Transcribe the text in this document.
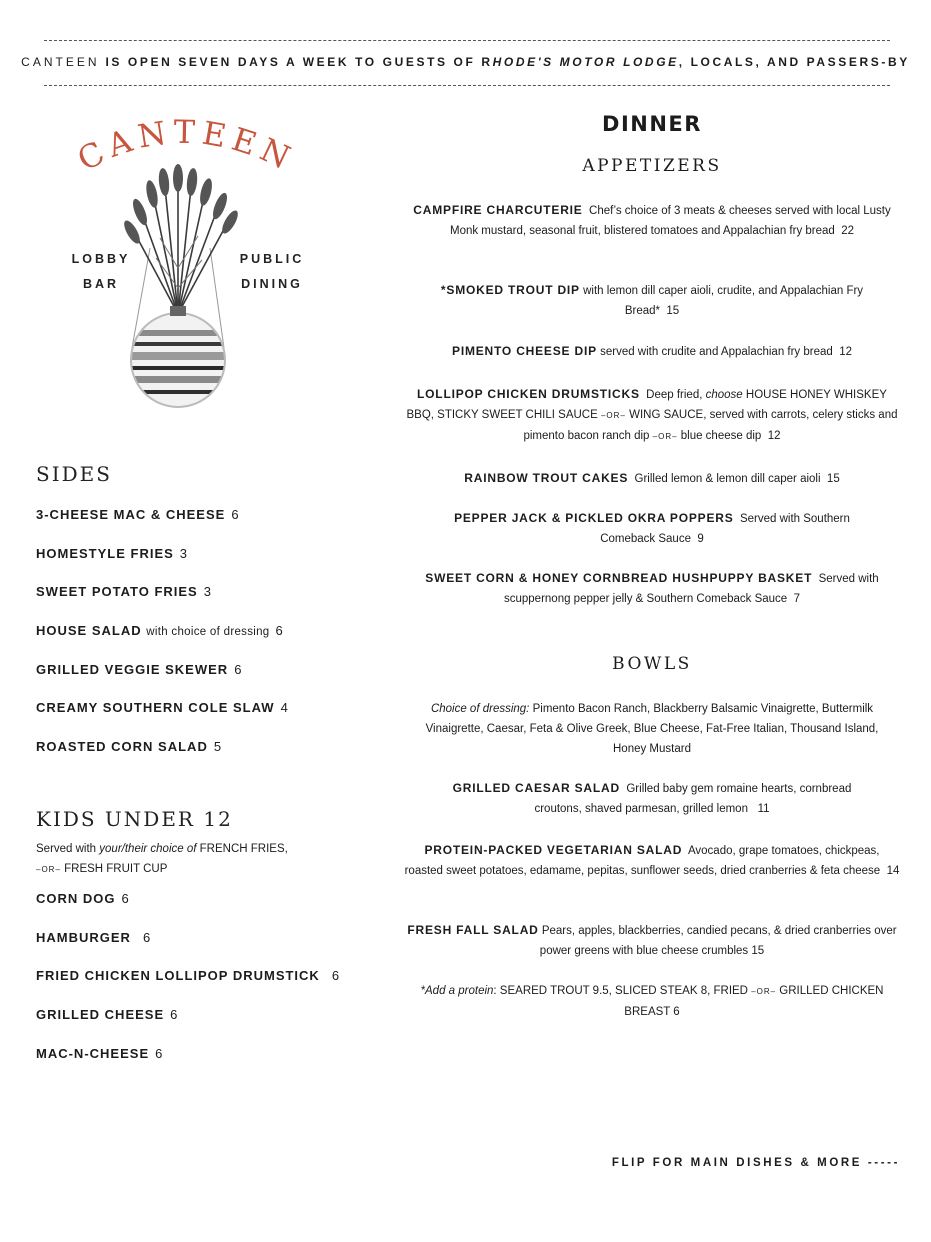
CANTEEN IS OPEN SEVEN DAYS A WEEK TO GUESTS OF RHODE'S MOTOR LODGE, LOCALS, AND PASSERS-BY
CANTEEN
LOBBY
BAR
PUBLIC
DINING
SIDES
3-CHEESE MAC & CHEESE 6
HOMESTYLE FRIES 3
SWEET POTATO FRIES 3
HOUSE SALAD with choice of dressing 6
GRILLED VEGGIE SKEWER 6
CREAMY SOUTHERN COLE SLAW 4
ROASTED CORN SALAD 5
KIDS UNDER 12
Served with your/their choice of FRENCH FRIES,
–OR– FRESH FRUIT CUP
CORN DOG 6
HAMBURGER 6
FRIED CHICKEN LOLLIPOP DRUMSTICK 6
GRILLED CHEESE 6
MAC-N-CHEESE 6
DINNER
APPETIZERS
CAMPFIRE CHARCUTERIE Chef’s choice of 3 meats & cheeses served with local Lusty Monk mustard, seasonal fruit, blistered tomatoes and Appalachian fry bread 22
*SMOKED TROUT DIP with lemon dill caper aioli, crudite, and Appalachian Fry Bread* 15
PIMENTO CHEESE DIP served with crudite and Appalachian fry bread 12
LOLLIPOP CHICKEN DRUMSTICKS Deep fried, choose HOUSE HONEY WHISKEY BBQ, STICKY SWEET CHILI SAUCE –OR– WING SAUCE, served with carrots, celery sticks and pimento bacon ranch dip –OR– blue cheese dip 12
RAINBOW TROUT CAKES Grilled lemon & lemon dill caper aioli 15
PEPPER JACK & PICKLED OKRA POPPERS Served with Southern Comeback Sauce 9
SWEET CORN & HONEY CORNBREAD HUSHPUPPY BASKET Served with scuppernong pepper jelly & Southern Comeback Sauce 7
BOWLS
Choice of dressing: Pimento Bacon Ranch, Blackberry Balsamic Vinaigrette, Buttermilk Vinaigrette, Caesar, Feta & Olive Greek, Blue Cheese, Fat-Free Italian, Thousand Island, Honey Mustard
GRILLED CAESAR SALAD Grilled baby gem romaine hearts, cornbread croutons, shaved parmesan, grilled lemon 11
PROTEIN-PACKED VEGETARIAN SALAD Avocado, grape tomatoes, chickpeas, roasted sweet potatoes, edamame, pepitas, sunflower seeds, dried cranberries & feta cheese 14
FRESH FALL SALAD Pears, apples, blackberries, candied pecans, & dried cranberries over power greens with blue cheese crumbles 15
*Add a protein: SEARED TROUT 9.5, SLICED STEAK 8, FRIED –OR– GRILLED CHICKEN BREAST 6
FLIP FOR MAIN DISHES & MORE -----
